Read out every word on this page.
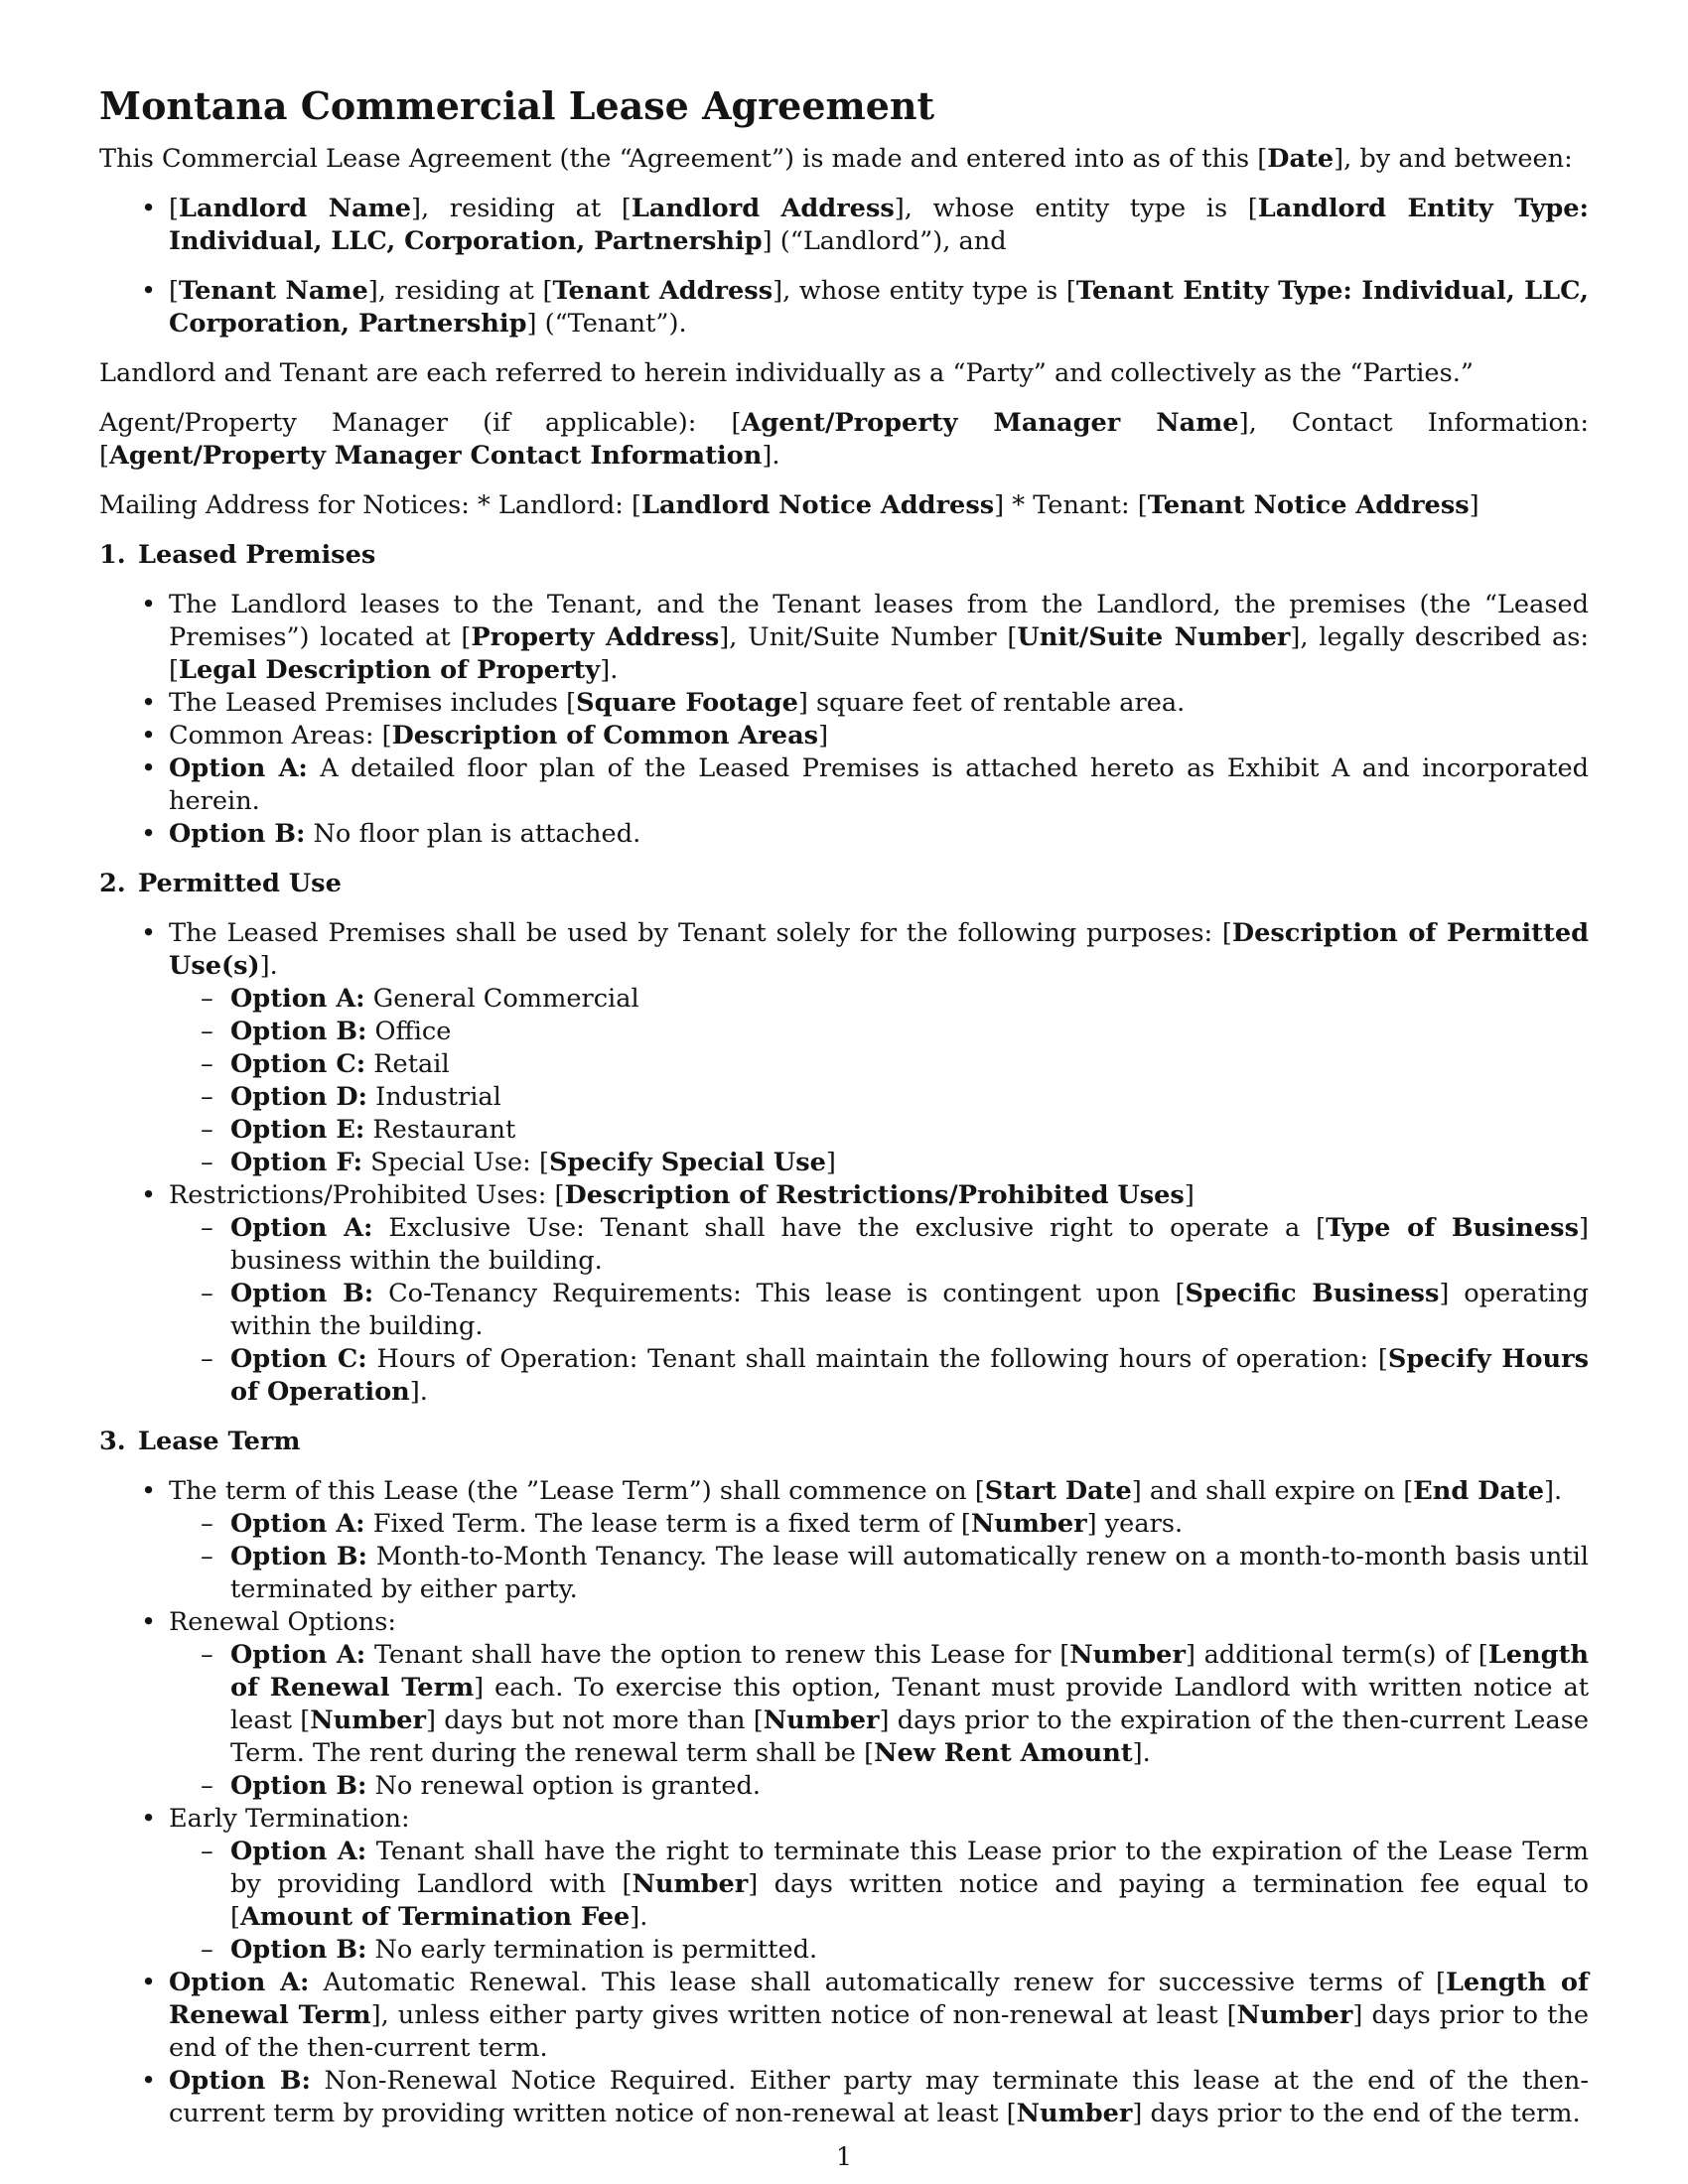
Montana Commercial Lease Agreement

This Commercial Lease Agreement (the “Agreement”) is made and entered into as of this [Date], by and between:

• [Landlord Name], residing at [Landlord Address], whose entity type is [Landlord Entity Type: Individual, LLC, Corporation, Partnership] (“Landlord”), and
• [Tenant Name], residing at [Tenant Address], whose entity type is [Tenant Entity Type: Individual, LLC, Corporation, Partnership] (“Tenant”).

Landlord and Tenant are each referred to herein individually as a “Party” and collectively as the “Parties.”

Agent/Property Manager (if applicable): [Agent/Property Manager Name], Contact Information: [Agent/Property Manager Contact Information].

Mailing Address for Notices: * Landlord: [Landlord Notice Address] * Tenant: [Tenant Notice Address]

1. Leased Premises
• The Landlord leases to the Tenant, and the Tenant leases from the Landlord, the premises (the “Leased Premises”) located at [Property Address], Unit/Suite Number [Unit/Suite Number], legally described as: [Legal Description of Property].
• The Leased Premises includes [Square Footage] square feet of rentable area.
• Common Areas: [Description of Common Areas]
• Option A: A detailed floor plan of the Leased Premises is attached hereto as Exhibit A and incorporated herein.
• Option B: No floor plan is attached.
2. Permitted Use
• The Leased Premises shall be used by Tenant solely for the following purposes: [Description of Permitted Use(s)].
– Option A: General Commercial
– Option B: Office
– Option C: Retail
– Option D: Industrial
– Option E: Restaurant
– Option F: Special Use: [Specify Special Use]
• Restrictions/Prohibited Uses: [Description of Restrictions/Prohibited Uses]
– Option A: Exclusive Use: Tenant shall have the exclusive right to operate a [Type of Business] business within the building.
– Option B: Co-Tenancy Requirements: This lease is contingent upon [Specific Business] operating within the building.
– Option C: Hours of Operation: Tenant shall maintain the following hours of operation: [Specify Hours of Operation].
3. Lease Term
• The term of this Lease (the ”Lease Term”) shall commence on [Start Date] and shall expire on [End Date].
– Option A: Fixed Term. The lease term is a fixed term of [Number] years.
– Option B: Month-to-Month Tenancy. The lease will automatically renew on a month-to-month basis until terminated by either party.
• Renewal Options:
– Option A: Tenant shall have the option to renew this Lease for [Number] additional term(s) of [Length of Renewal Term] each. To exercise this option, Tenant must provide Landlord with written notice at least [Number] days but not more than [Number] days prior to the expiration of the then-current Lease Term. The rent during the renewal term shall be [New Rent Amount].
– Option B: No renewal option is granted.
• Early Termination:
– Option A: Tenant shall have the right to terminate this Lease prior to the expiration of the Lease Term by providing Landlord with [Number] days written notice and paying a termination fee equal to [Amount of Termination Fee].
– Option B: No early termination is permitted.
• Option A: Automatic Renewal. This lease shall automatically renew for successive terms of [Length of Renewal Term], unless either party gives written notice of non-renewal at least [Number] days prior to the end of the then-current term.
• Option B: Non-Renewal Notice Required. Either party may terminate this lease at the end of the then-current term by providing written notice of non-renewal at least [Number] days prior to the end of the term.
1
